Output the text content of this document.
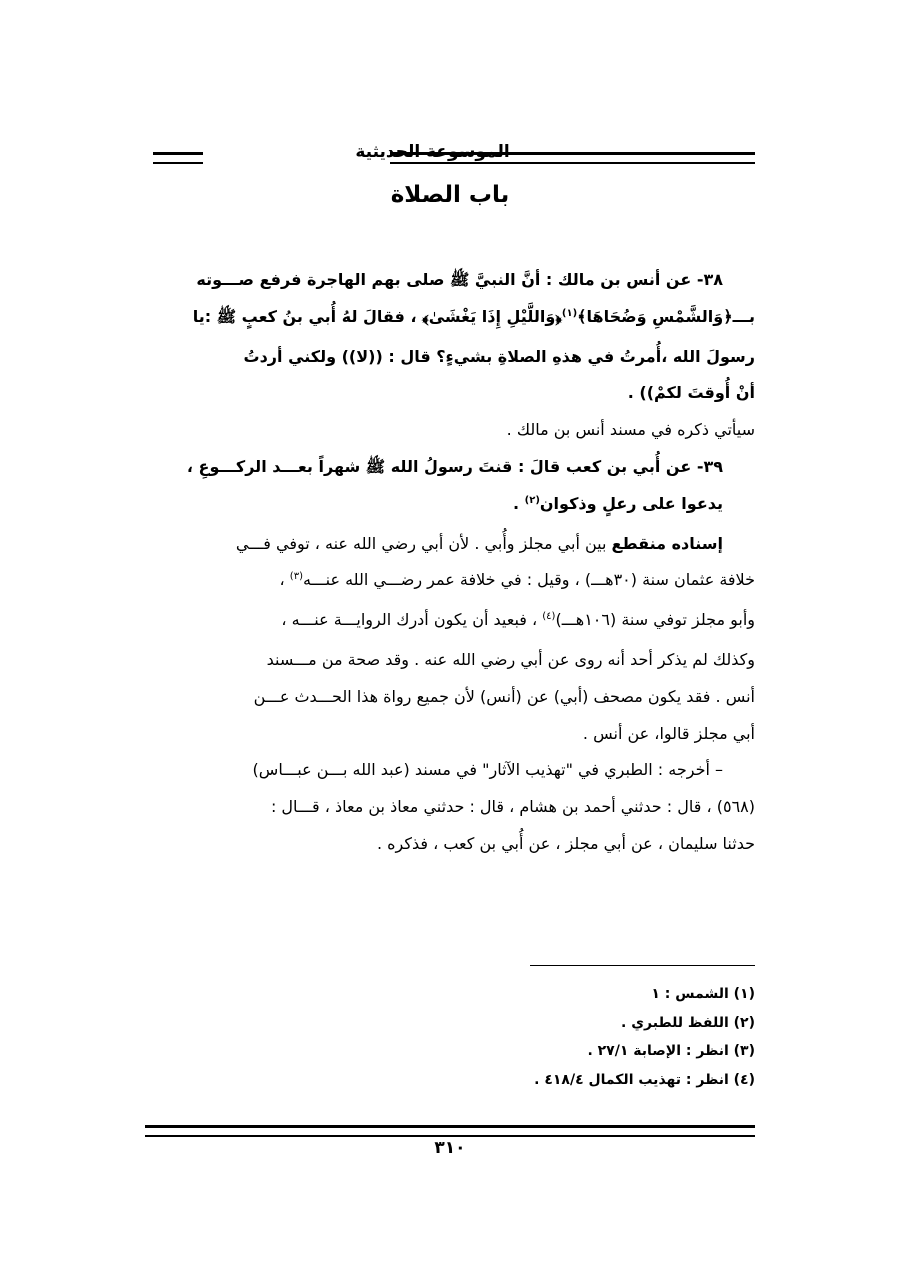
الموسوعة الحديثية
باب الصلاة
٣٨- عن أنس بن مالك : أنَّ النبيَّ ﷺ صلى بهم الهاجرة فرفع صـــوته
بـــ﴿وَالشَّمْسِ وَضُحَاهَا﴾$^{(١)}$﴿وَاللَّيْلِ إِذَا يَغْشَىٰ﴾ ، فقالَ لهُ أُبي بنُ كعبٍ ﷺ :يا
رسولَ الله ،أُمرتُ في هذهِ الصلاةِ بشيءٍ؟ قال : ((لا)) ولكني أردتُ
أنْ أُوقتَ لكمْ)) .
سيأتي ذكره في مسند أنس بن مالك .
٣٩- عن أُبي بن كعب قالَ : قنتَ رسولُ الله ﷺ شهراً بعـــد الركـــوعِ ،
يدعوا على رعلٍ وذكوان$^{(٢)}$ .
إسناده منقطع بين أبي مجلز وأُبي . لأن أبي رضي الله عنه ، توفي فـــي
خلافة عثمان سنة (٣٠هـــ) ، وقيل : في خلافة عمر رضـــي الله عنـــه$^{(٣)}$ ،
وأبو مجلز توفي سنة (١٠٦هـــ)$^{(٤)}$ ، فبعيد أن يكون أدرك الروايـــة عنـــه ،
وكذلك لم يذكر أحد أنه روى عن أبي رضي الله عنه . وقد صحة من مـــسند
أنس . فقد يكون مصحف (أبي) عن (أنس) لأن جميع رواة هذا الحـــدث عـــن
أبي مجلز قالوا، عن أنس .
– أخرجه : الطبري في "تهذيب الآثار" في مسند (عبد الله بـــن عبـــاس)
(٥٦٨) ، قال : حدثني أحمد بن هشام ، قال : حدثني معاذ بن معاذ ، قـــال :
حدثنا سليمان ، عن أبي مجلز ، عن أُبي بن كعب ، فذكره .
(١) الشمس : ١
(٢) اللفظ للطبري .
(٣) انظر : الإصابة ٢٧/١ .
(٤) انظر : تهذيب الكمال ٤١٨/٤ .
٣١٠
